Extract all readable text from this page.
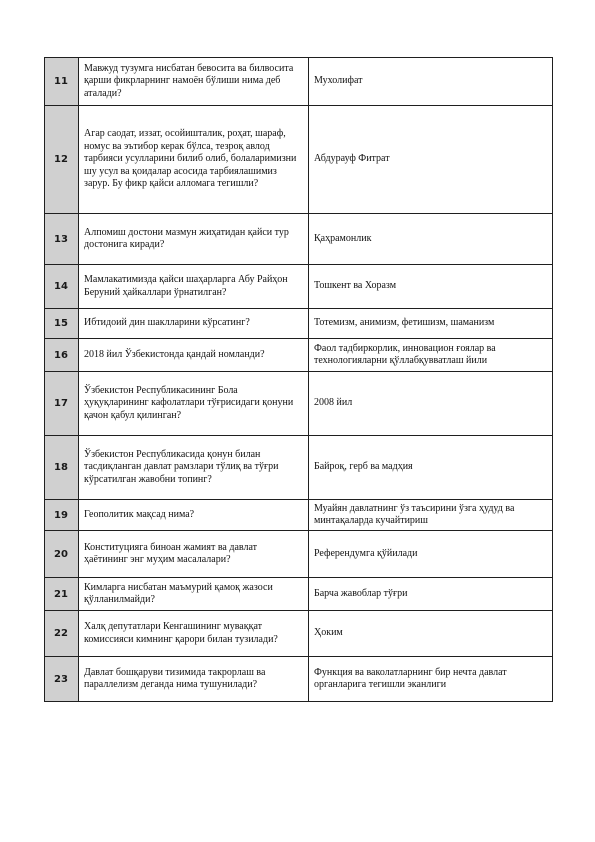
11	Мавжуд тузумга нисбатан бевосита ва билвосита қарши фикрларнинг намоён бўлиши нима деб аталади?	Мухолифат
12	Агар саодат, иззат, осойишталик, роҳат, шараф, номус ва эътибор керак бўлса, тезроқ авлод тарбияси усулларини билиб олиб, болаларимизни шу усул ва қоидалар асосида тарбиялашимиз зарур. Бу фикр қайси алломага тегишли?	Абдурауф Фитрат
13	Алпомиш достони мазмун жиҳатидан қайси тур достонига киради?	Қаҳрамонлик
14	Мамлакатимизда қайси шаҳарларга Абу Райҳон Беруний ҳайкаллари ўрнатилган?	Тошкент ва Хоразм
15	Ибтидоий дин шаклларини кўрсатинг?	Тотемизм, анимизм, фетишизм, шаманизм
16	2018 йил Ўзбекистонда қандай номланди?	Фаол тадбиркорлик, инновацион ғоялар ва технологияларни қўллабқувватлаш йили
17	Ўзбекистон Республикасининг Бола ҳуқуқларининг кафолатлари тўғрисидаги қонуни қачон қабул қилинган?	2008 йил
18	Ўзбекистон Республикасида қонун билан тасдиқланган давлат рамзлари тўлиқ ва тўғри кўрсатилган жавобни топинг?	Байроқ, герб ва мадҳия
19	Геополитик мақсад нима?	Муайян давлатнинг ўз таъсирини ўзга ҳудуд ва минтақаларда кучайтириш
20	Конституцияга биноан жамият ва давлат ҳаётининг энг муҳим масалалари?	Референдумга қўйилади
21	Кимларга нисбатан маъмурий қамоқ жазоси қўлланилмайди?	Барча жавоблар тўғри
22	Халқ депутатлари Кенгашининг муваққат комиссияси кимнинг қарори билан тузилади?	Ҳоким
23	Давлат бошқаруви тизимида такрорлаш ва параллелизм деганда нима тушунилади?	Функция ва ваколатларнинг бир нечта давлат органларига тегишли эканлиги
